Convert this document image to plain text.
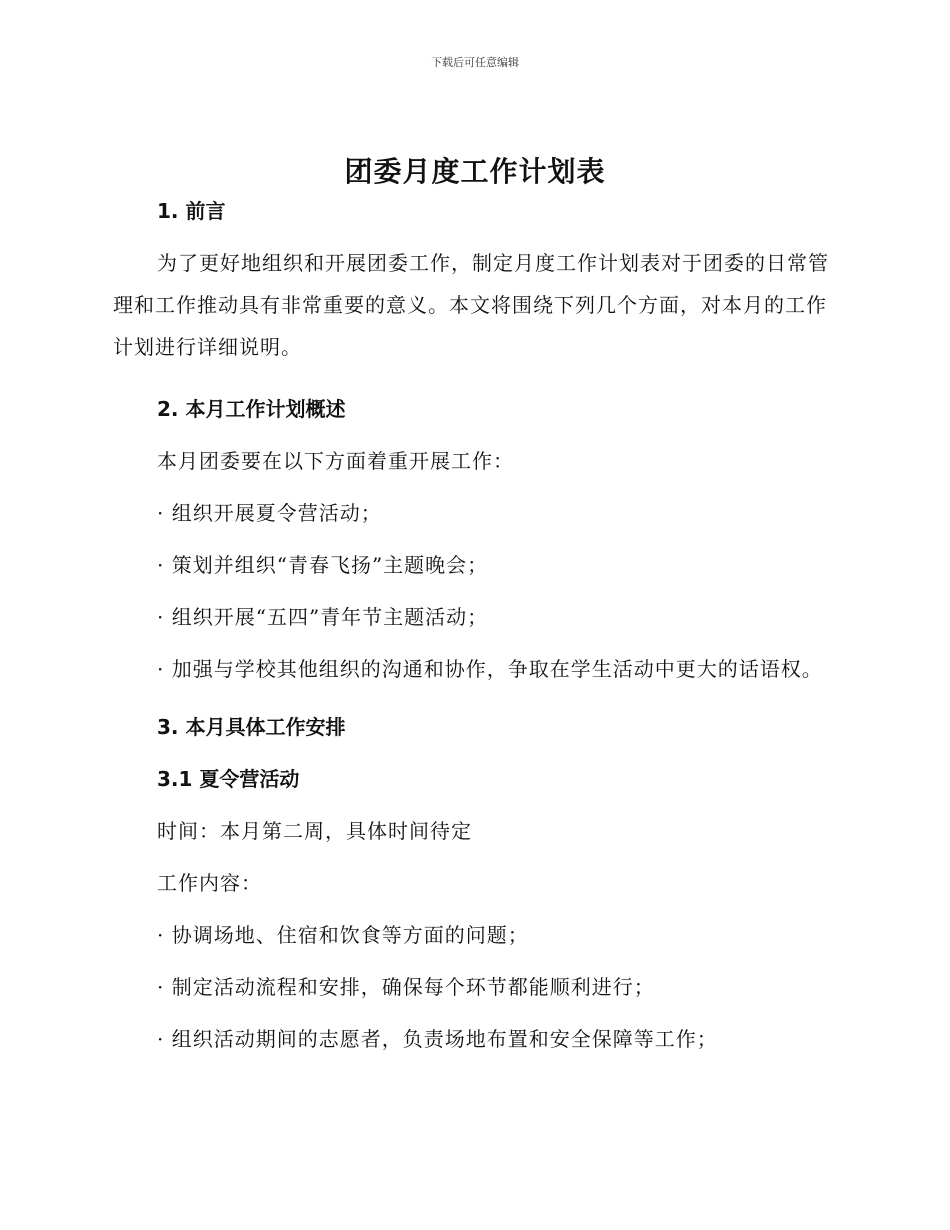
下载后可任意编辑
团委月度工作计划表
1. 前言

为了更好地组织和开展团委工作，制定月度工作计划表对于团委的日常管理和工作推动具有非常重要的意义。本文将围绕下列几个方面，对本月的工作计划进行详细说明。

2. 本月工作计划概述

本月团委要在以下方面着重开展工作：

· 组织开展夏令营活动；

· 策划并组织“青春飞扬”主题晚会；

· 组织开展“五四”青年节主题活动；

· 加强与学校其他组织的沟通和协作，争取在学生活动中更大的话语权。

3. 本月具体工作安排
3.1 夏令营活动

时间：本月第二周，具体时间待定

工作内容：

· 协调场地、住宿和饮食等方面的问题；

· 制定活动流程和安排，确保每个环节都能顺利进行；

· 组织活动期间的志愿者，负责场地布置和安全保障等工作；
